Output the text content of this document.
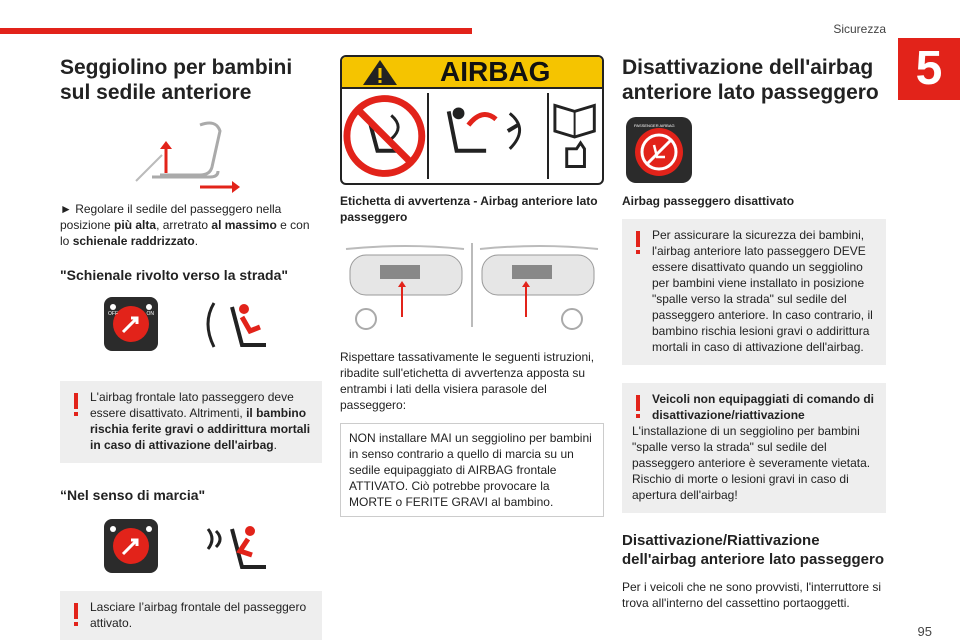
Sicurezza
5
Seggiolino per bambini sul sedile anteriore

► Regolare il sedile del passeggero nella posizione più alta, arretrato al massimo e con lo schienale raddrizzato.

"Schienale rivolto verso la strada"
OFF	ON
L'airbag frontale lato passeggero deve essere disattivato. Altrimenti, il bambino rischia ferite gravi o addirittura mortali in caso di attivazione dell'airbag.
“Nel senso di marcia"
Lasciare l’airbag frontale del passeggero attivato.
AIRBAG

Etichetta di avvertenza - Airbag anteriore lato passeggero

Rispettare tassativamente le seguenti istruzioni, ribadite sull'etichetta di avvertenza apposta su entrambi i lati della visiera parasole del passeggero:

NON installare MAI un seggiolino per bambini in senso contrario a quello di marcia su un sedile equipaggiato di AIRBAG frontale ATTIVATO. Ciò potrebbe provocare la MORTE o FERITE GRAVI al bambino.
Disattivazione dell'airbag anteriore lato passeggero
PASSENGER AIRBAG

Airbag passeggero disattivato

Per assicurare la sicurezza dei bambini, l'airbag anteriore lato passeggero DEVE essere disattivato quando un seggiolino per bambini viene installato in posizione "spalle verso la strada" sul sedile del passeggero anteriore. In caso contrario, il bambino rischia lesioni gravi o addirittura mortali in caso di attivazione dell'airbag.
Veicoli non equipaggiati di comando di disattivazione/riattivazione
L'installazione di un seggiolino per bambini "spalle verso la strada" sul sedile del passeggero anteriore è severamente vietata. Rischio di morte o lesioni gravi in caso di apertura dell'airbag!
Disattivazione/Riattivazione dell'airbag anteriore lato passeggero

Per i veicoli che ne sono provvisti, l'interruttore si trova all'interno del cassettino portaoggetti.

95
